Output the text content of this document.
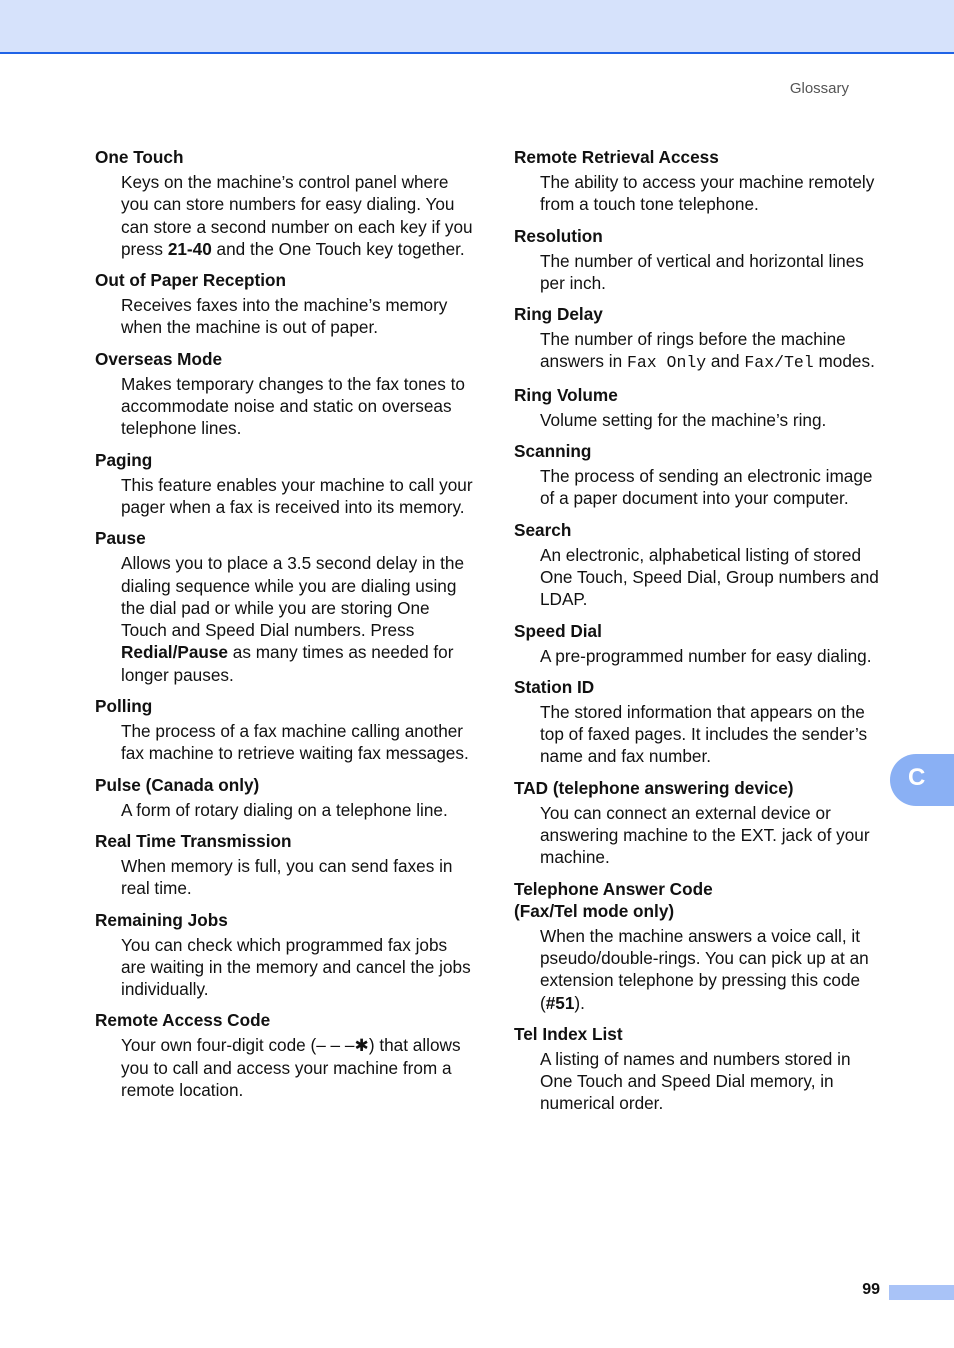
Glossary
One Touch
Keys on the machine’s control panel where you can store numbers for easy dialing. You can store a second number on each key if you press 21-40 and the One Touch key together.
Out of Paper Reception
Receives faxes into the machine’s memory when the machine is out of paper.
Overseas Mode
Makes temporary changes to the fax tones to accommodate noise and static on overseas telephone lines.
Paging
This feature enables your machine to call your pager when a fax is received into its memory.
Pause
Allows you to place a 3.5 second delay in the dialing sequence while you are dialing using the dial pad or while you are storing One Touch and Speed Dial numbers. Press Redial/Pause as many times as needed for longer pauses.
Polling
The process of a fax machine calling another fax machine to retrieve waiting fax messages.
Pulse (Canada only)
A form of rotary dialing on a telephone line.
Real Time Transmission
When memory is full, you can send faxes in real time.
Remaining Jobs
You can check which programmed fax jobs are waiting in the memory and cancel the jobs individually.
Remote Access Code
Your own four-digit code (– – –✱) that allows you to call and access your machine from a remote location.
Remote Retrieval Access
The ability to access your machine remotely from a touch tone telephone.
Resolution
The number of vertical and horizontal lines per inch.
Ring Delay
The number of rings before the machine answers in Fax Only and Fax/Tel modes.
Ring Volume
Volume setting for the machine’s ring.
Scanning
The process of sending an electronic image of a paper document into your computer.
Search
An electronic, alphabetical listing of stored One Touch, Speed Dial, Group numbers and LDAP.
Speed Dial
A pre-programmed number for easy dialing.
Station ID
The stored information that appears on the top of faxed pages. It includes the sender’s name and fax number.
TAD (telephone answering device)
You can connect an external device or answering machine to the EXT. jack of your machine.
Telephone Answer Code
(Fax/Tel mode only)
When the machine answers a voice call, it pseudo/double-rings. You can pick up at an extension telephone by pressing this code (#51).
Tel Index List
A listing of names and numbers stored in One Touch and Speed Dial memory, in numerical order.
C
99
